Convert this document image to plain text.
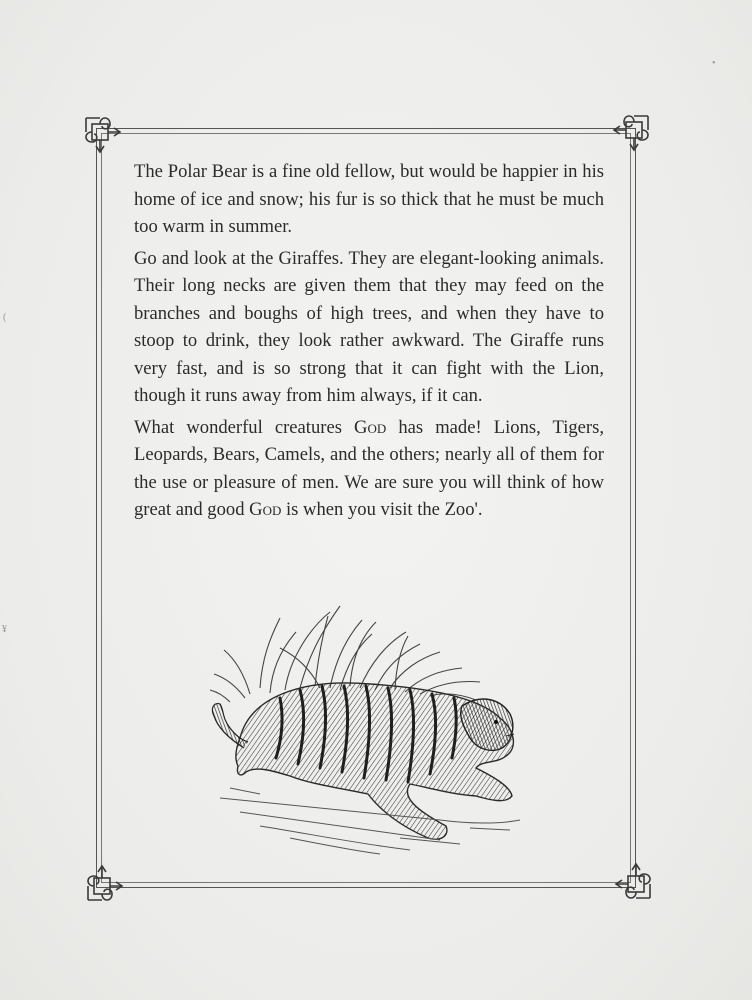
The Polar Bear is a fine old fellow, but would be happier in his home of ice and snow; his fur is so thick that he must be much too warm in summer.

Go and look at the Giraffes. They are elegant-looking animals. Their long necks are given them that they may feed on the branches and boughs of high trees, and when they have to stoop to drink, they look rather awkward. The Giraffe runs very fast, and is so strong that it can fight with the Lion, though it runs away from him always, if it can.

What wonderful creatures God has made! Lions, Tigers, Leopards, Bears, Camels, and the others; nearly all of them for the use or pleasure of men. We are sure you will think of how great and good God is when you visit the Zoo'.

•
(
¥
